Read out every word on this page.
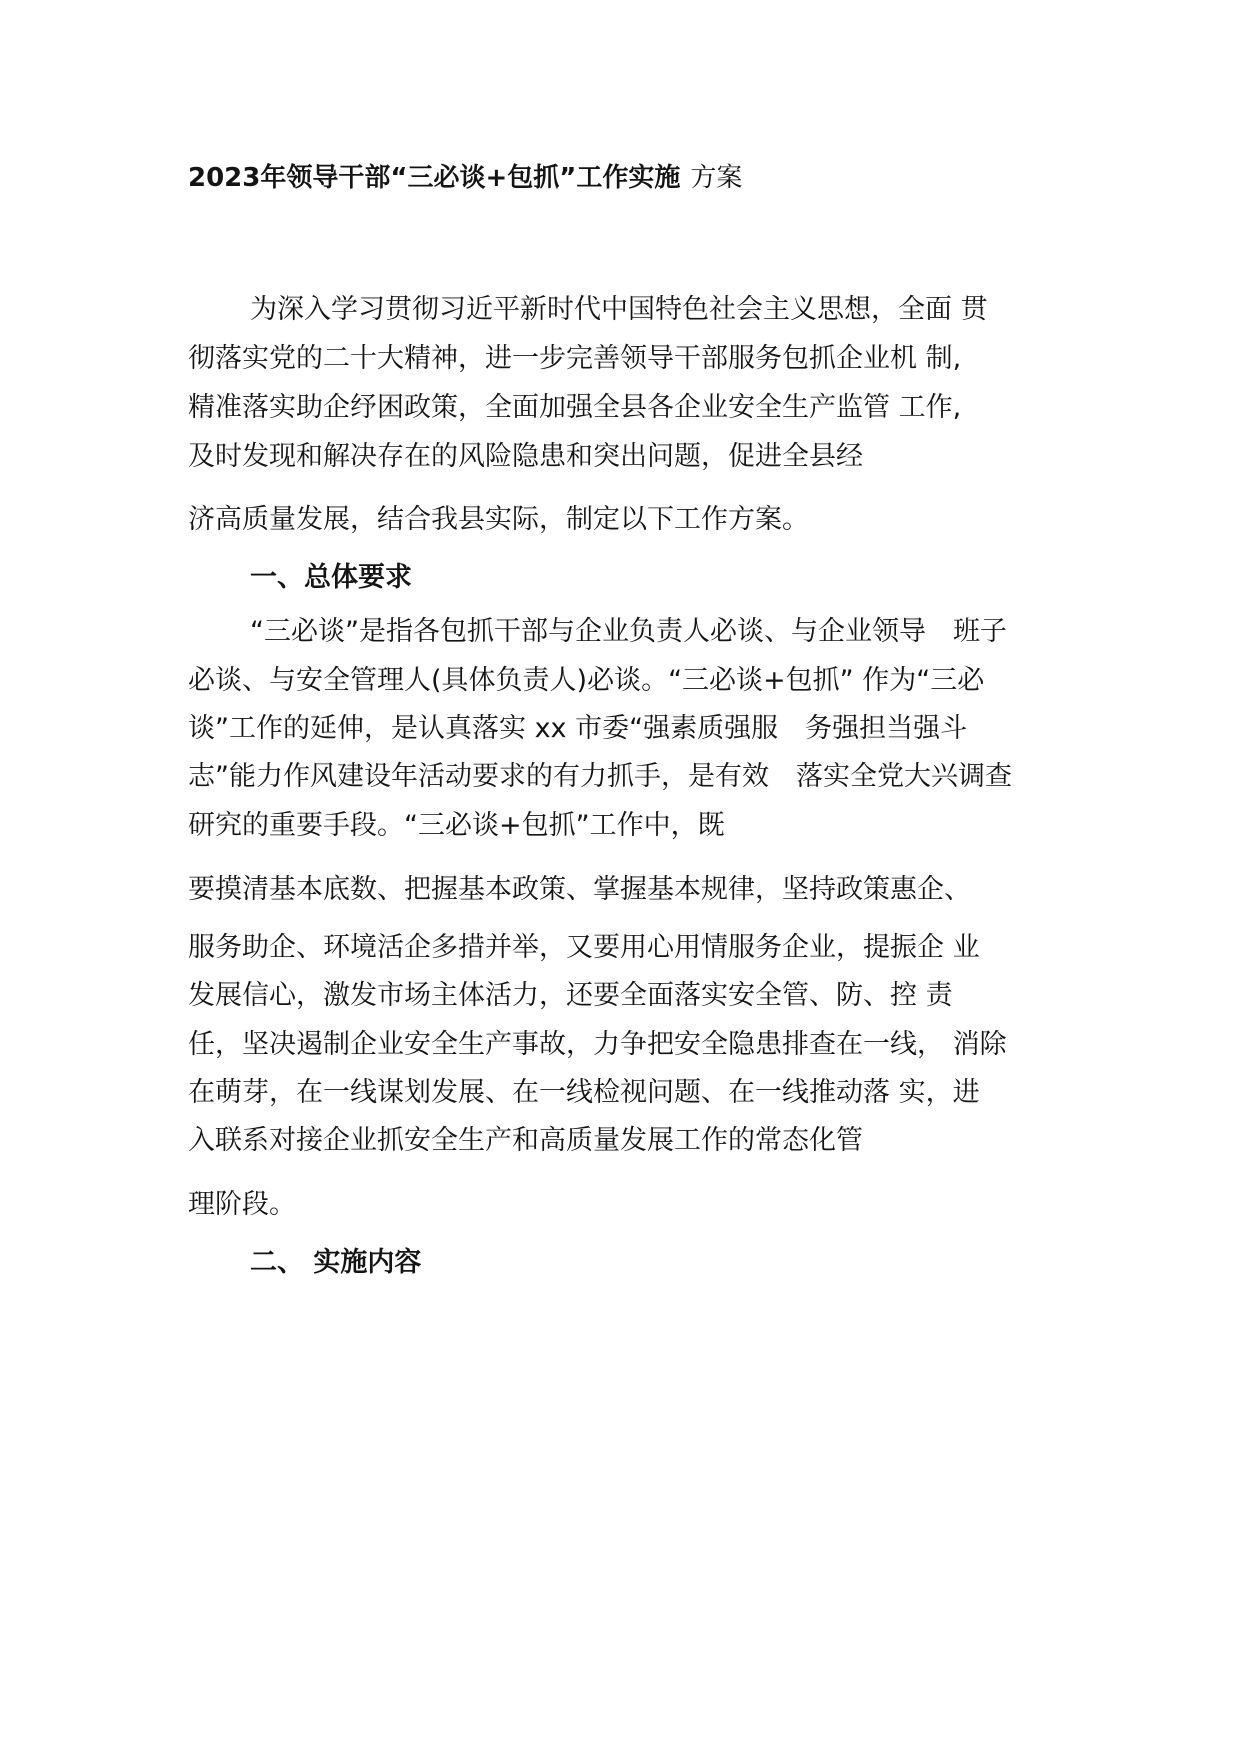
2023年领导干部“三必谈+包抓”工作实施 方案
为深入学习贯彻习近平新时代中国特色社会主义思想，全面 贯
彻落实党的二十大精神，进一步完善领导干部服务包抓企业机 制,
精准落实助企纾困政策，全面加强全县各企业安全生产监管 工作,
及时发现和解决存在的风险隐患和突出问题，促进全县经
济高质量发展，结合我县实际，制定以下工作方案。
一、总体要求
“三必谈”是指各包抓干部与企业负责人必谈、与企业领导　班子
必谈、与安全管理人(具体负责人)必谈。“三必谈+包抓” 作为“三必
谈”工作的延伸，是认真落实 xx 市委“强素质强服　务强担当强斗
志”能力作风建设年活动要求的有力抓手，是有效　落实全党大兴调查
研究的重要手段。“三必谈+包抓”工作中，既
要摸清基本底数、把握基本政策、掌握基本规律，坚持政策惠企、
服务助企、环境活企多措并举，又要用心用情服务企业，提振企 业
发展信心，激发市场主体活力，还要全面落实安全管、防、控 责
任，坚决遏制企业安全生产事故，力争把安全隐患排查在一线， 消除
在萌芽，在一线谋划发展、在一线检视问题、在一线推动落 实，进
入联系对接企业抓安全生产和高质量发展工作的常态化管
理阶段。
二、 实施内容
